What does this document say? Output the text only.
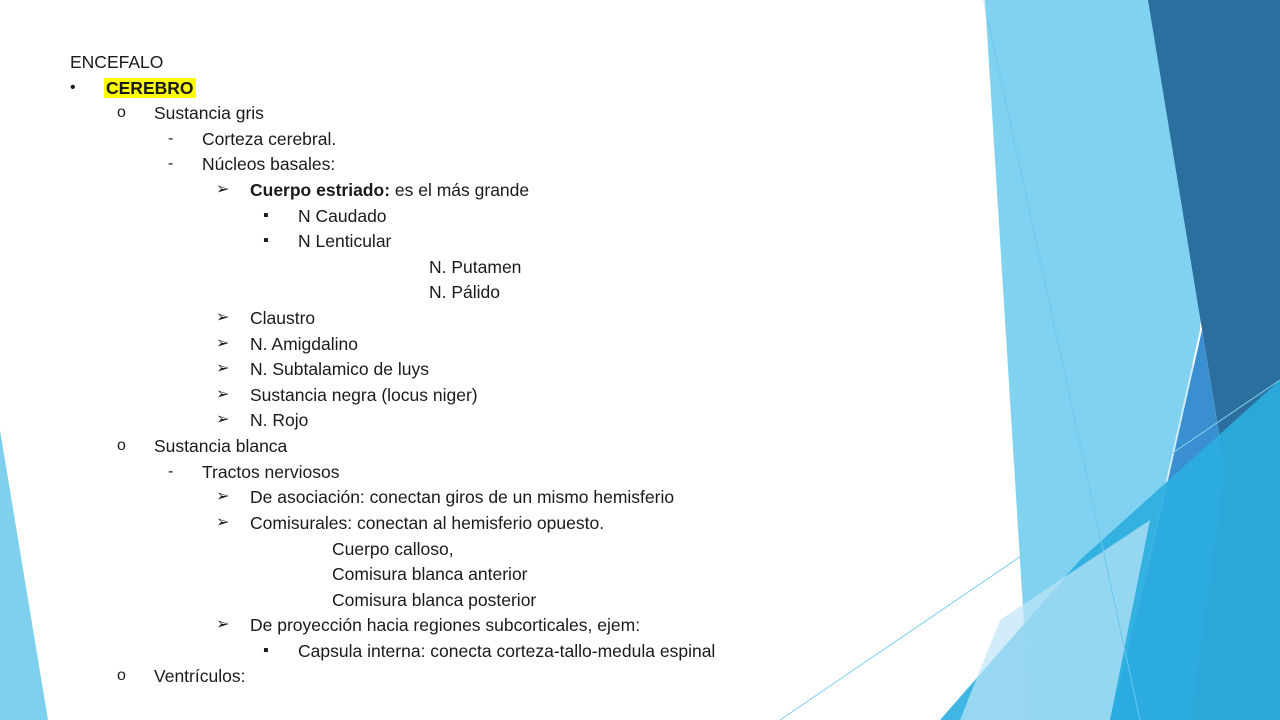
ENCEFALO
• CEREBRO
o Sustancia gris
- Corteza cerebral.
- Núcleos basales:
➢ Cuerpo estriado: es el más grande
▪ N Caudado
▪ N Lenticular
N. Putamen
N. Pálido
➢ Claustro
➢ N. Amigdalino
➢ N. Subtalamico de luys
➢ Sustancia negra (locus niger)
➢ N. Rojo
o Sustancia blanca
- Tractos nerviosos
➢ De asociación: conectan giros de un mismo hemisferio
➢ Comisurales: conectan al hemisferio opuesto.
Cuerpo calloso,
Comisura blanca anterior
Comisura blanca posterior
➢ De proyección hacia regiones subcorticales, ejem:
▪ Capsula interna: conecta corteza-tallo-medula espinal
o Ventrículos:
